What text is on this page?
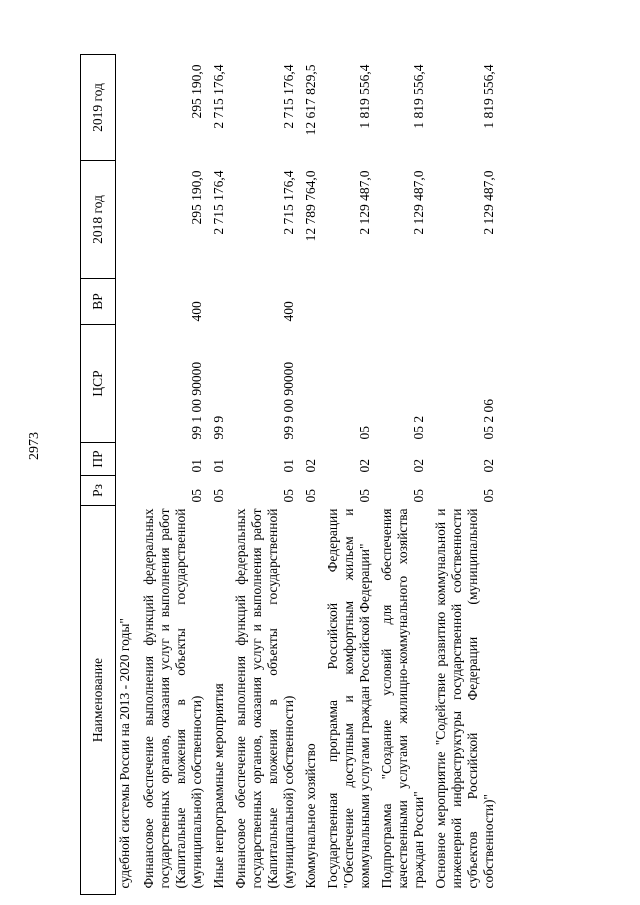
2973
Наименование	Рз	ПР	ЦСР	ВР	2018 год	2019 год
судебной системы России на 2013 - 2020 годы"						
Финансовое обеспечение выполнения функций федеральных государственных органов, оказания услуг и выполнения работ (Капитальные вложения в объекты государственной (муниципальной) собственности)	05	01	99 1 00 90000	400	295 190,0	295 190,0
Иные непрограммные мероприятия	05	01	99 9		2 715 176,4	2 715 176,4
Финансовое обеспечение выполнения функций федеральных государственных органов, оказания услуг и выполнения работ (Капитальные вложения в объекты государственной (муниципальной) собственности)	05	01	99 9 00 90000	400	2 715 176,4	2 715 176,4
Коммунальное хозяйство	05	02			12 789 764,0	12 617 829,5
Государственная программа Российской Федерации "Обеспечение доступным и комфортным жильем и коммунальными услугами граждан Российской Федерации"	05	02	05		2 129 487,0	1 819 556,4
Подпрограмма "Создание условий для обеспечения качественными услугами жилищно-коммунального хозяйства граждан России"	05	02	05 2		2 129 487,0	1 819 556,4
Основное мероприятие "Содействие развитию коммунальной и инженерной инфраструктуры государственной собственности субъектов Российской Федерации (муниципальной собственности)"	05	02	05 2 06		2 129 487,0	1 819 556,4
